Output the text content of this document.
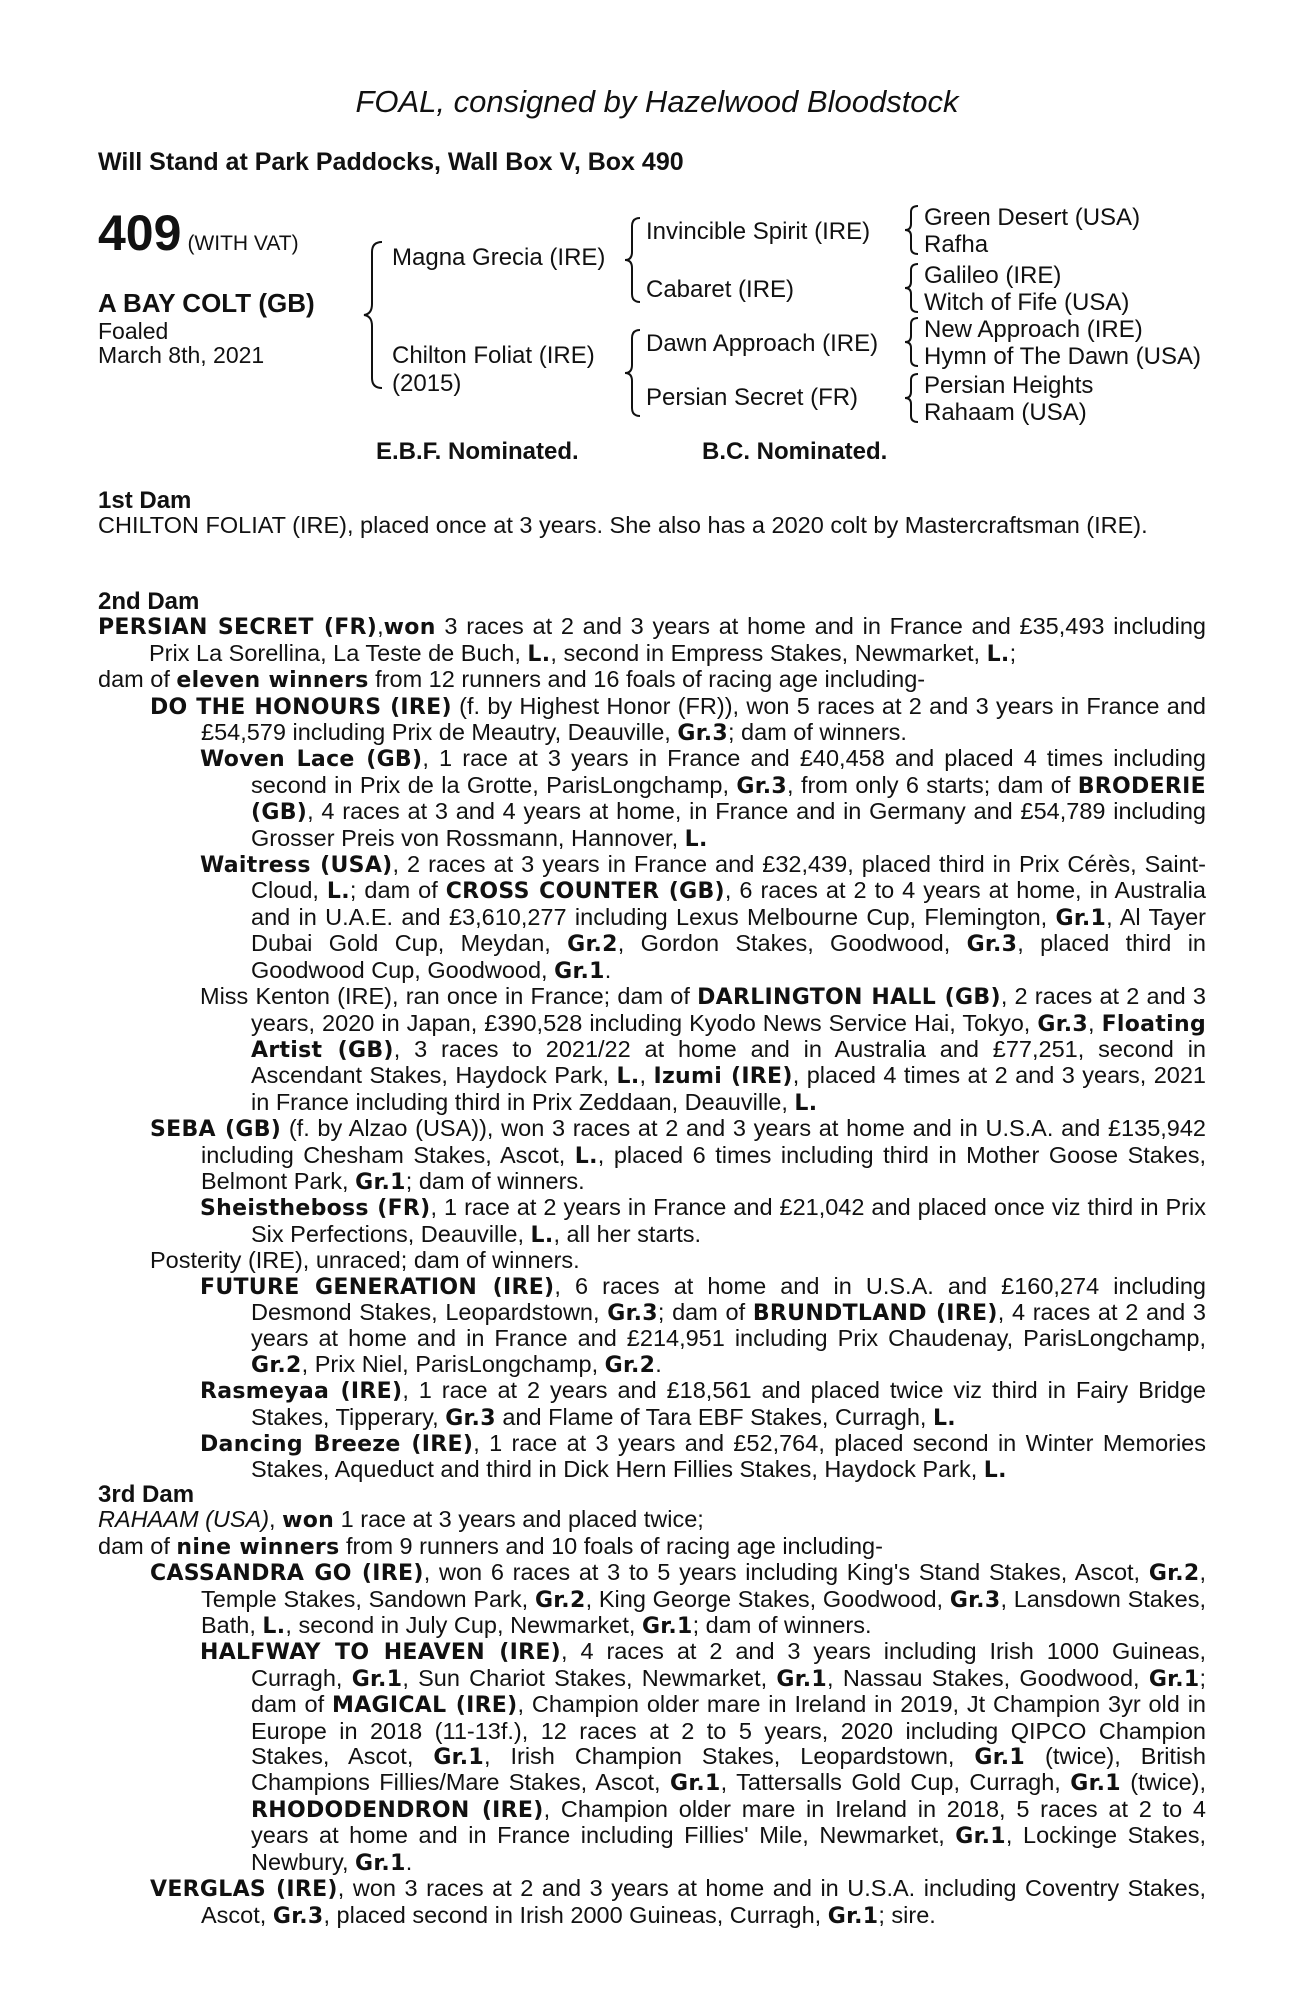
FOAL, consigned by Hazelwood Bloodstock
Will Stand at Park Paddocks, Wall Box V, Box 490
409 (WITH VAT)
A BAY COLT (GB)
Foaled
March 8th, 2021
Magna Grecia (IRE)
Chilton Foliat (IRE)
(2015)
Invincible Spirit (IRE)
Cabaret (IRE)
Dawn Approach (IRE)
Persian Secret (FR)
Green Desert (USA)
Rafha
Galileo (IRE)
Witch of Fife (USA)
New Approach (IRE)
Hymn of The Dawn (USA)
Persian Heights
Rahaam (USA)
E.B.F. Nominated.	B.C. Nominated.
1st Dam

CHILTON FOLIAT (IRE), placed once at 3 years. She also has a 2020 colt by Mastercraftsman (IRE).

2nd Dam

PERSIAN SECRET (FR),won 3 races at 2 and 3 years at home and in France and £35,493 including Prix La Sorellina, La Teste de Buch, L., second in Empress Stakes, Newmarket, L.;

dam of eleven winners from 12 runners and 16 foals of racing age including-

DO THE HONOURS (IRE) (f. by Highest Honor (FR)), won 5 races at 2 and 3 years in France and £54,579 including Prix de Meautry, Deauville, Gr.3; dam of winners.

Woven Lace (GB), 1 race at 3 years in France and £40,458 and placed 4 times including second in Prix de la Grotte, ParisLongchamp, Gr.3, from only 6 starts; dam of BRODERIE (GB), 4 races at 3 and 4 years at home, in France and in Germany and £54,789 including Grosser Preis von Rossmann, Hannover, L.

Waitress (USA), 2 races at 3 years in France and £32,439, placed third in Prix Cérès, Saint-Cloud, L.; dam of CROSS COUNTER (GB), 6 races at 2 to 4 years at home, in Australia and in U.A.E. and £3,610,277 including Lexus Melbourne Cup, Flemington, Gr.1, Al Tayer Dubai Gold Cup, Meydan, Gr.2, Gordon Stakes, Goodwood, Gr.3, placed third in Goodwood Cup, Goodwood, Gr.1.

Miss Kenton (IRE), ran once in France; dam of DARLINGTON HALL (GB), 2 races at 2 and 3 years, 2020 in Japan, £390,528 including Kyodo News Service Hai, Tokyo, Gr.3, Floating Artist (GB), 3 races to 2021/22 at home and in Australia and £77,251, second in Ascendant Stakes, Haydock Park, L., Izumi (IRE), placed 4 times at 2 and 3 years, 2021 in France including third in Prix Zeddaan, Deauville, L.

SEBA (GB) (f. by Alzao (USA)), won 3 races at 2 and 3 years at home and in U.S.A. and £135,942 including Chesham Stakes, Ascot, L., placed 6 times including third in Mother Goose Stakes, Belmont Park, Gr.1; dam of winners.

Sheistheboss (FR), 1 race at 2 years in France and £21,042 and placed once viz third in Prix Six Perfections, Deauville, L., all her starts.

Posterity (IRE), unraced; dam of winners.

FUTURE GENERATION (IRE), 6 races at home and in U.S.A. and £160,274 including Desmond Stakes, Leopardstown, Gr.3; dam of BRUNDTLAND (IRE), 4 races at 2 and 3 years at home and in France and £214,951 including Prix Chaudenay, ParisLongchamp, Gr.2, Prix Niel, ParisLongchamp, Gr.2.

Rasmeyaa (IRE), 1 race at 2 years and £18,561 and placed twice viz third in Fairy Bridge Stakes, Tipperary, Gr.3 and Flame of Tara EBF Stakes, Curragh, L.

Dancing Breeze (IRE), 1 race at 3 years and £52,764, placed second in Winter Memories Stakes, Aqueduct and third in Dick Hern Fillies Stakes, Haydock Park, L.

3rd Dam

RAHAAM (USA), won 1 race at 3 years and placed twice;

dam of nine winners from 9 runners and 10 foals of racing age including-

CASSANDRA GO (IRE), won 6 races at 3 to 5 years including King's Stand Stakes, Ascot, Gr.2, Temple Stakes, Sandown Park, Gr.2, King George Stakes, Goodwood, Gr.3, Lansdown Stakes, Bath, L., second in July Cup, Newmarket, Gr.1; dam of winners.

HALFWAY TO HEAVEN (IRE), 4 races at 2 and 3 years including Irish 1000 Guineas, Curragh, Gr.1, Sun Chariot Stakes, Newmarket, Gr.1, Nassau Stakes, Goodwood, Gr.1; dam of MAGICAL (IRE), Champion older mare in Ireland in 2019, Jt Champion 3yr old in Europe in 2018 (11-13f.), 12 races at 2 to 5 years, 2020 including QIPCO Champion Stakes, Ascot, Gr.1, Irish Champion Stakes, Leopardstown, Gr.1 (twice), British Champions Fillies/Mare Stakes, Ascot, Gr.1, Tattersalls Gold Cup, Curragh, Gr.1 (twice), RHODODENDRON (IRE), Champion older mare in Ireland in 2018, 5 races at 2 to 4 years at home and in France including Fillies' Mile, Newmarket, Gr.1, Lockinge Stakes, Newbury, Gr.1.

VERGLAS (IRE), won 3 races at 2 and 3 years at home and in U.S.A. including Coventry Stakes, Ascot, Gr.3, placed second in Irish 2000 Guineas, Curragh, Gr.1; sire.
